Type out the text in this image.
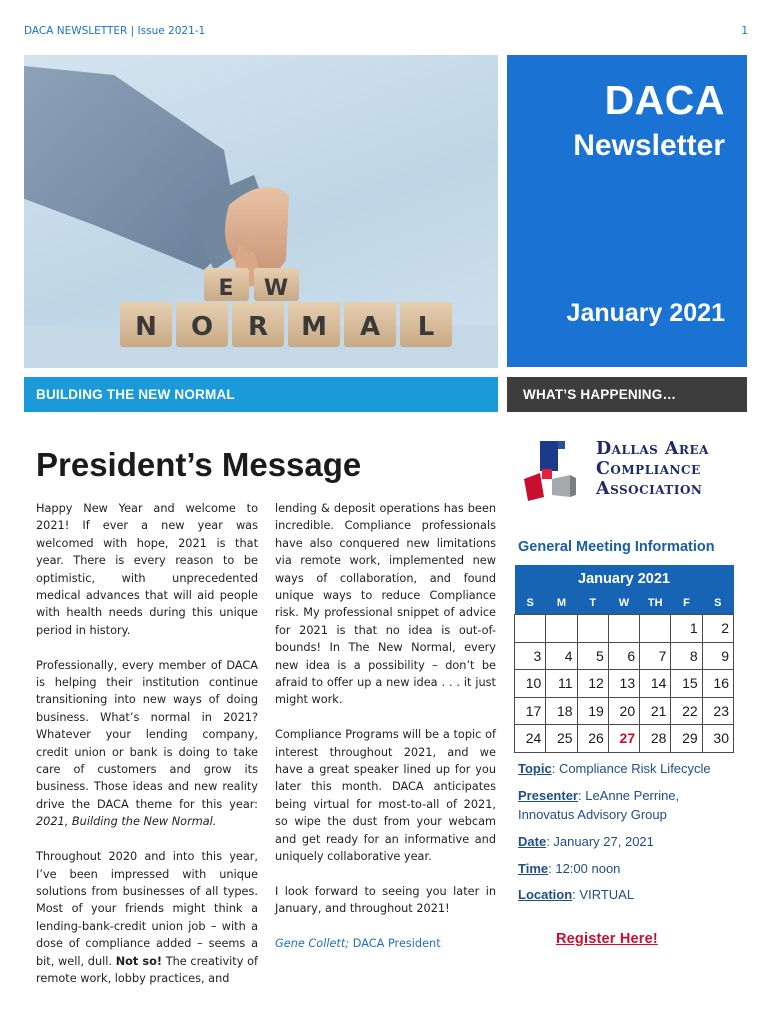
DACA NEWSLETTER | Issue 2021-1	1
E W
N O R M A L
DACA
Newsletter
January 2021
BUILDING THE NEW NORMAL	WHAT’S HAPPENING…
President’s Message

Happy New Year and welcome to 2021! If ever a new year was welcomed with hope, 2021 is that year. There is every reason to be optimistic, with unprecedented medical advances that will aid people with health needs during this unique period in history.

Professionally, every member of DACA is helping their institution continue transitioning into new ways of doing business. What’s normal in 2021? Whatever your lending company, credit union or bank is doing to take care of customers and grow its business. Those ideas and new reality drive the DACA theme for this year: 2021, Building the New Normal.

Throughout 2020 and into this year, I’ve been impressed with unique solutions from businesses of all types. Most of your friends might think a lending-bank-credit union job – with a dose of compliance added – seems a bit, well, dull. Not so! The creativity of remote work, lobby practices, and

lending & deposit operations has been incredible. Compliance professionals have also conquered new limitations via remote work, implemented new ways of collaboration, and found unique ways to reduce Compliance risk. My professional snippet of advice for 2021 is that no idea is out-of-bounds! In The New Normal, every new idea is a possibility – don’t be afraid to offer up a new idea . . . it just might work.

Compliance Programs will be a topic of interest throughout 2021, and we have a great speaker lined up for you later this month. DACA anticipates being virtual for most-to-all of 2021, so wipe the dust from your webcam and get ready for an informative and uniquely collaborative year.

I look forward to seeing you later in January, and throughout 2021!

Gene Collett; DACA President

Dallas Area
Compliance
Association
General Meeting Information
January 2021						
S	M	T	W	TH	F	S
					1	2
3	4	5	6	7	8	9
10	11	12	13	14	15	16
17	18	19	20	21	22	23
24	25	26	27	28	29	30
Topic: Compliance Risk Lifecycle
Presenter: LeAnne Perrine,
Innovatus Advisory Group
Date: January 27, 2021
Time: 12:00 noon
Location: VIRTUAL
Register Here!
